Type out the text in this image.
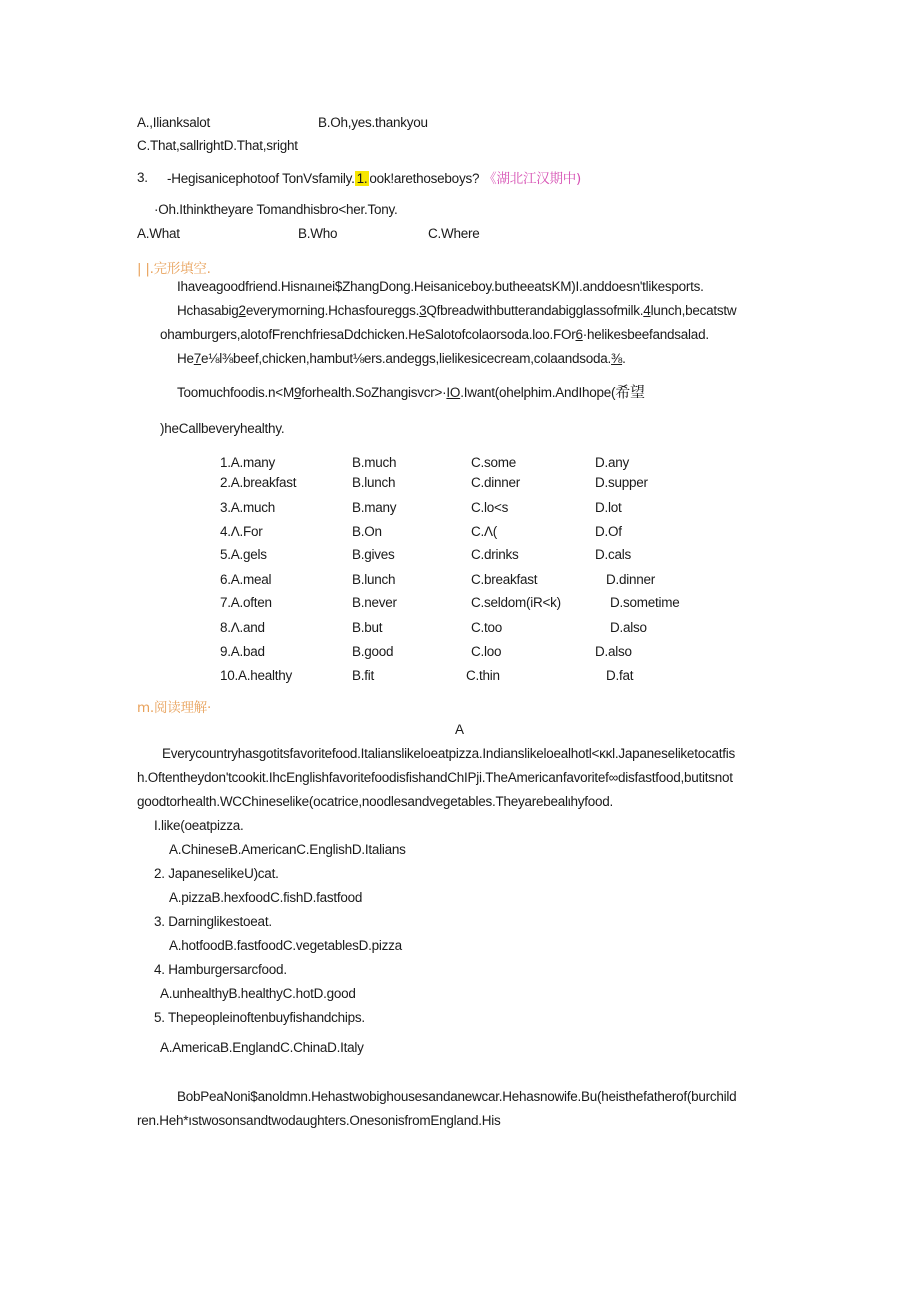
A.,Ilianksalot	B.Oh,yes.thankyou
C.That,sallrightD.That,sright
3. -Hegisanicephotoof TonVsfamily. 1. ook!arethoseboys? 《湖北江汉期中)
·Oh.Ithinktheyare Tomandhisbro<her.Tony.
A.What	B.Who	C.Where
| |.完形填空.
Ihaveagoodfriend.Hisnaınei$ZhangDong.Heisaniceboy.butheeatsKM)I.anddoesn'tlikesports.
Hchasabig2everymorning.Hchasfoureggs.3Qfbreadwithbutterandabigglassofmilk.4lunch,becatstw
ohamburgers,alotofFrenchfriesaDdchicken.HeSalotofcolaorsoda.loo.FOr6·helikesbeefandsalad.
He7e⅛l⅜beef,chicken,hambut⅛ers.andeggs,lielikesicecream,colaandsoda.⅜.
Toomuchfoodis.n<M9forhealth.SoZhangisvcr>·IO.Iwant(ohelphim.AndIhope(希望
)heCallbeveryhealthy.
1.A.many	B.much	C.some	D.any
2.A.breakfast	B.lunch	C.dinner	D.supper
3.A.much	B.many	C.lo<s	D.lot
4.Λ.For	B.On	C.Λ(	D.Of
5.A.gels	B.gives	C.drinks	D.cals
6.A.meal	B.lunch	C.breakfast	D.dinner
7.A.often	B.never	C.seldom(iR<k)	D.sometime
8.Λ.and	B.but	C.too	D.also
9.A.bad	B.good	C.loo	D.also
10.A.healthy	B.fit	C.thin	D.fat
m.阅读理解·
A
Everycountryhasgotitsfavoritefood.Italianslikeloeatpizza.Indianslikeloealhotl<κκl.Japaneseliketocatfis
h.Oftentheydon'tcookit.IhcEnglishfavoritefoodisfishandChIPji.TheAmericanfavoritef∞disfastfood,butitsnot
goodtorhealth.WCChineselike(ocatrice,noodlesandvegetables.Theyarebealιhyfood.
I.like(oeatpizza.
A.ChineseB.AmericanC.EnglishD.Italians
2. JapaneselikeU)cat.
A.pizzaB.hexfoodC.fishD.fastfood
3. Darninglikestoeat.
A.hotfoodB.fastfoodC.vegetablesD.pizza
4. Hamburgersarcfood.
A.unhealthyB.healthyC.hotD.good
5. Thepeopleinoftenbuyfishandchips.
A.AmericaB.EnglandC.ChinaD.Italy
BobPeaNoni$anoldmn.Hehastwobighousesandanewcar.Hehasnowife.Bu(heisthefatherof(burchild
ren.Heh*ıstwosonsandtwodaughters.OnesonisfromEngland.His
